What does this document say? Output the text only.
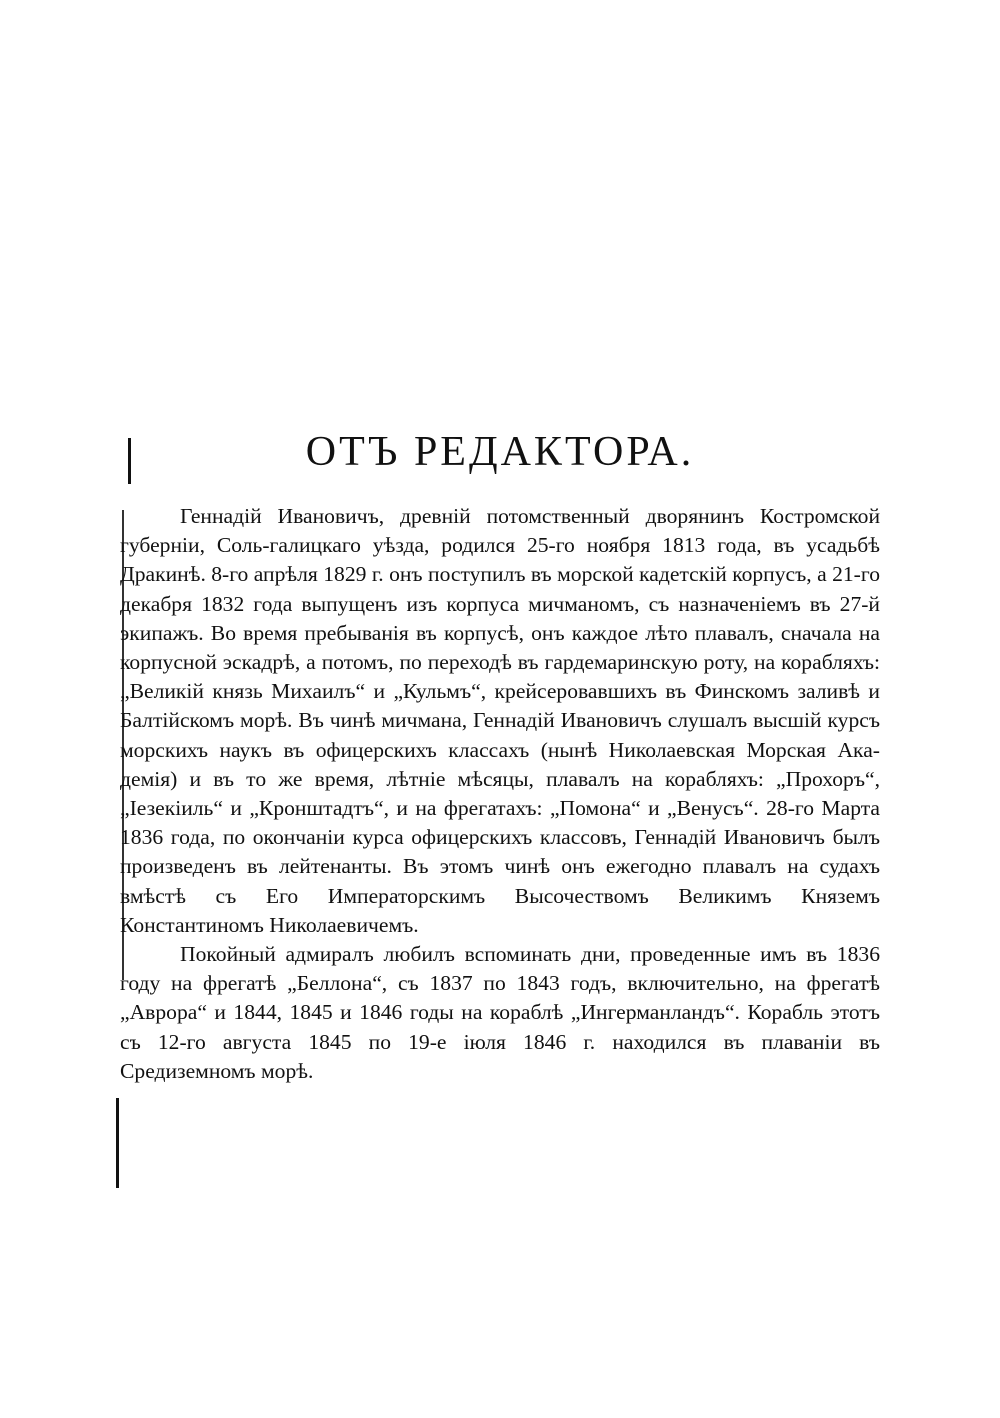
ОТЪ РЕДАКТОРА.

Геннадій Ивановичъ, древній потомственный дворянинъ Костромской губерніи, Соль-галицкаго уѣзда, родился 25-го ноября 1813 года, въ усадьбѣ Дракинѣ. 8-го апрѣля 1829 г. онъ поступилъ въ морской кадетскій корпусъ, а 21-го декабря 1832 года выпущенъ изъ корпуса мичманомъ, съ назначеніемъ въ 27-й экипажъ. Во время пребыванія въ корпусѣ, онъ каждое лѣто плавалъ, сначала на корпусной эскадрѣ, а потомъ, по переходѣ въ гардемаринскую роту, на корабляхъ: „Великій князь Михаилъ“ и „Кульмъ“, крейсеровавшихъ въ Финскомъ заливѣ и Балтійскомъ морѣ. Въ чинѣ мичмана, Геннадій Ивановичъ слушалъ высшій курсъ морскихъ наукъ въ офицерскихъ классахъ (нынѣ Николаевская Морская Академія) и въ то же время, лѣтніе мѣсяцы, плавалъ на корабляхъ: „Прохоръ“, „Іезекіиль“ и „Кронштадтъ“, и на фрегатахъ: „Помона“ и „Венусъ“. 28-го Марта 1836 года, по окончаніи курса офицерскихъ классовъ, Геннадій Ивановичъ былъ произведенъ въ лейтенанты. Въ этомъ чинѣ онъ ежегодно плавалъ на судахъ вмѣстѣ съ Его Императорскимъ Высочествомъ Великимъ Княземъ Константиномъ Николаевичемъ.

Покойный адмиралъ любилъ вспоминать дни, проведенные имъ въ 1836 году на фрегатѣ „Беллона“, съ 1837 по 1843 годъ, включительно, на фрегатѣ „Аврора“ и 1844, 1845 и 1846 годы на кораблѣ „Ингерманландъ“. Корабль этотъ съ 12-го августа 1845 по 19-е іюля 1846 г. находился въ плаваніи въ Средиземномъ морѣ.
